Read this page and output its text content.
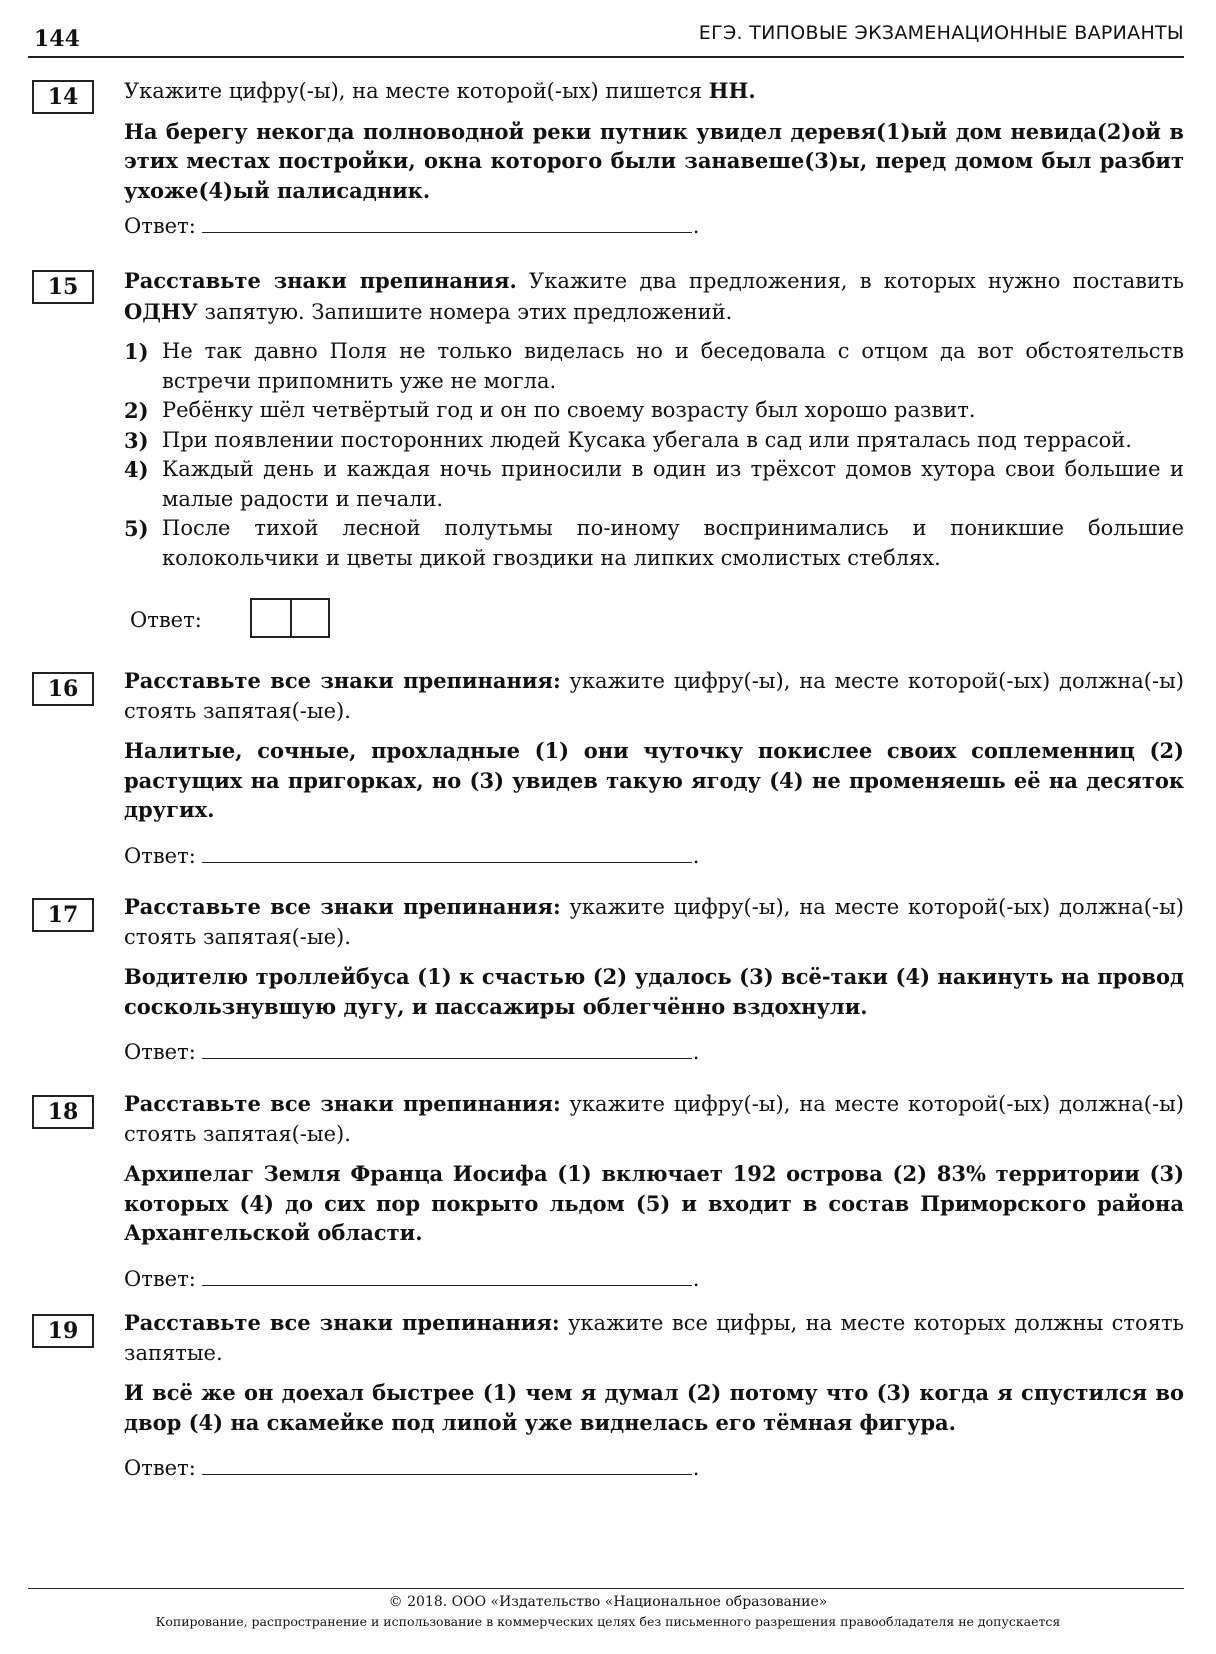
144	ЕГЭ. ТИПОВЫЕ ЭКЗАМЕНАЦИОННЫЕ ВАРИАНТЫ
14	Укажите цифру(-ы), на месте которой(-ых) пишется НН.

На берегу некогда полноводной реки путник увидел деревя(1)ый дом невида(2)ой в этих местах постройки, окна которого были занавеше(3)ы, перед домом был разбит ухоже(4)ый палисадник.

Ответ:	.
15	Расставьте знаки препинания. Укажите два предложения, в которых нужно поставить ОДНУ запятую. Запишите номера этих предложений.

1) Не так давно Поля не только виделась но и беседовала с отцом да вот обстоятельств встречи припомнить уже не могла.
2) Ребёнку шёл четвёртый год и он по своему возрасту был хорошо развит.
3) При появлении посторонних людей Кусака убегала в сад или пряталась под террасой.
4) Каждый день и каждая ночь приносили в один из трёхсот домов хутора свои большие и малые радости и печали.
5) После тихой лесной полутьмы по-иному воспринимались и поникшие большие колокольчики и цветы дикой гвоздики на липких смолистых стеблях.
Ответ:
16	Расставьте все знаки препинания: укажите цифру(-ы), на месте которой(-ых) должна(-ы) стоять запятая(-ые).

Налитые, сочные, прохладные (1) они чуточку покислее своих соплеменниц (2) растущих на пригорках, но (3) увидев такую ягоду (4) не променяешь её на десяток других.

Ответ:	.
17	Расставьте все знаки препинания: укажите цифру(-ы), на месте которой(-ых) должна(-ы) стоять запятая(-ые).

Водителю троллейбуса (1) к счастью (2) удалось (3) всё-таки (4) накинуть на провод соскользнувшую дугу, и пассажиры облегчённо вздохнули.

Ответ:	.
18	Расставьте все знаки препинания: укажите цифру(-ы), на месте которой(-ых) должна(-ы) стоять запятая(-ые).

Архипелаг Земля Франца Иосифа (1) включает 192 острова (2) 83% территории (3) которых (4) до сих пор покрыто льдом (5) и входит в состав Приморского района Архангельской области.

Ответ:	.
19	Расставьте все знаки препинания: укажите все цифры, на месте которых должны стоять запятые.

И всё же он доехал быстрее (1) чем я думал (2) потому что (3) когда я спустился во двор (4) на скамейке под липой уже виднелась его тёмная фигура.

Ответ:	.
© 2018. ООО «Издательство «Национальное образование»
Копирование, распространение и использование в коммерческих целях без письменного разрешения правообладателя не допускается
